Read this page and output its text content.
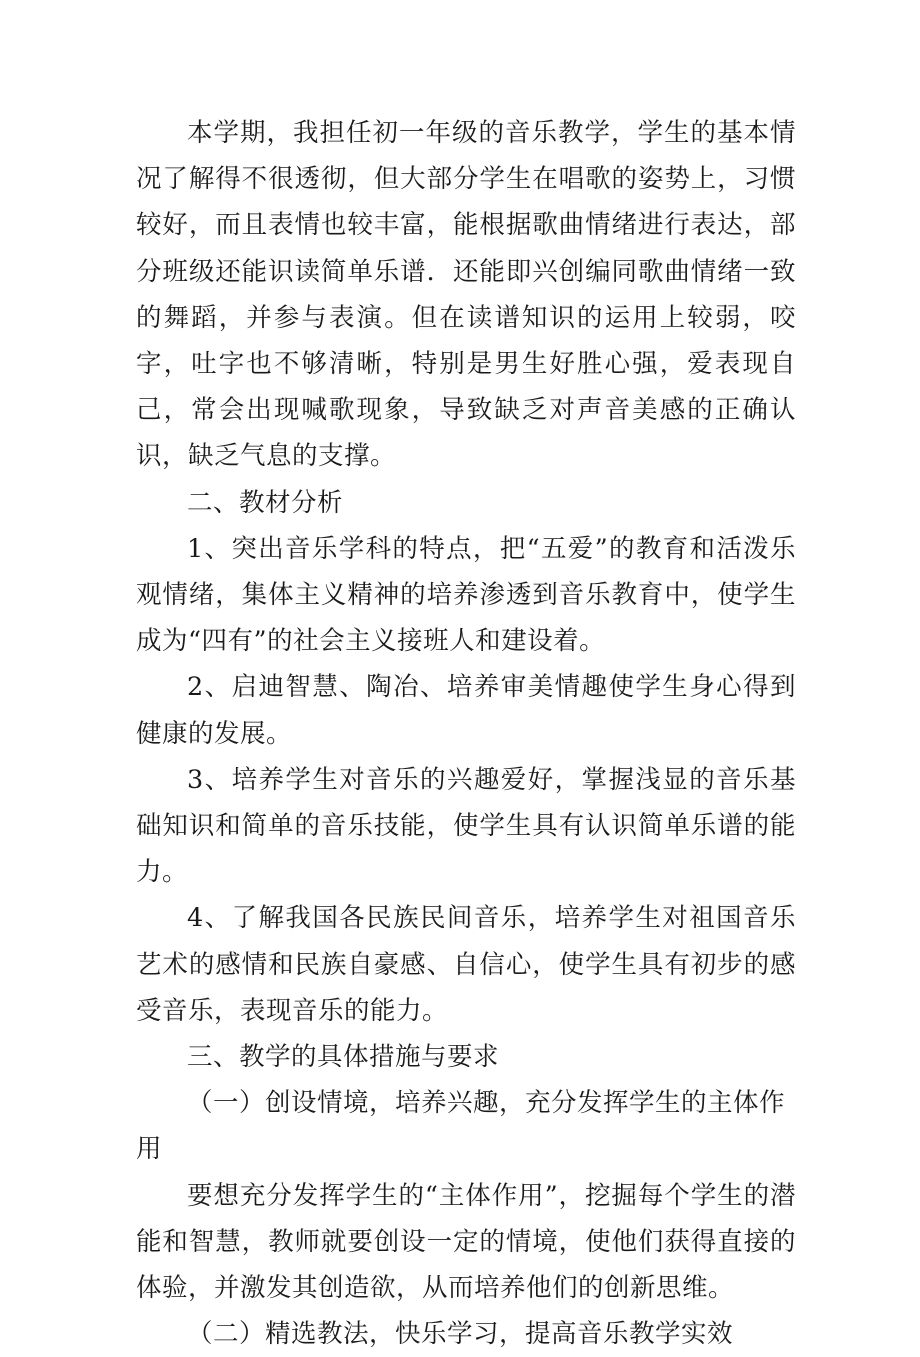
本学期，我担任初一年级的音乐教学，学生的基本情况了解得不很透彻，但大部分学生在唱歌的姿势上，习惯较好，而且表情也较丰富，能根据歌曲情绪进行表达，部分班级还能识读简单乐谱．还能即兴创编同歌曲情绪一致的舞蹈，并参与表演。但在读谱知识的运用上较弱，咬字，吐字也不够清晰，特别是男生好胜心强，爱表现自己，常会出现喊歌现象，导致缺乏对声音美感的正确认识，缺乏气息的支撑。

二、教材分析

1、突出音乐学科的特点，把“五爱”的教育和活泼乐观情绪，集体主义精神的培养渗透到音乐教育中，使学生成为“四有”的社会主义接班人和建设着。

2、启迪智慧、陶冶、培养审美情趣使学生身心得到健康的发展。

3、培养学生对音乐的兴趣爱好，掌握浅显的音乐基础知识和简单的音乐技能，使学生具有认识简单乐谱的能力。

4、了解我国各民族民间音乐，培养学生对祖国音乐艺术的感情和民族自豪感、自信心，使学生具有初步的感受音乐，表现音乐的能力。

三、教学的具体措施与要求

（一）创设情境，培养兴趣，充分发挥学生的主体作用

要想充分发挥学生的“主体作用”，挖掘每个学生的潜能和智慧，教师就要创设一定的情境，使他们获得直接的体验，并激发其创造欲，从而培养他们的创新思维。

（二）精选教法，快乐学习，提高音乐教学实效
